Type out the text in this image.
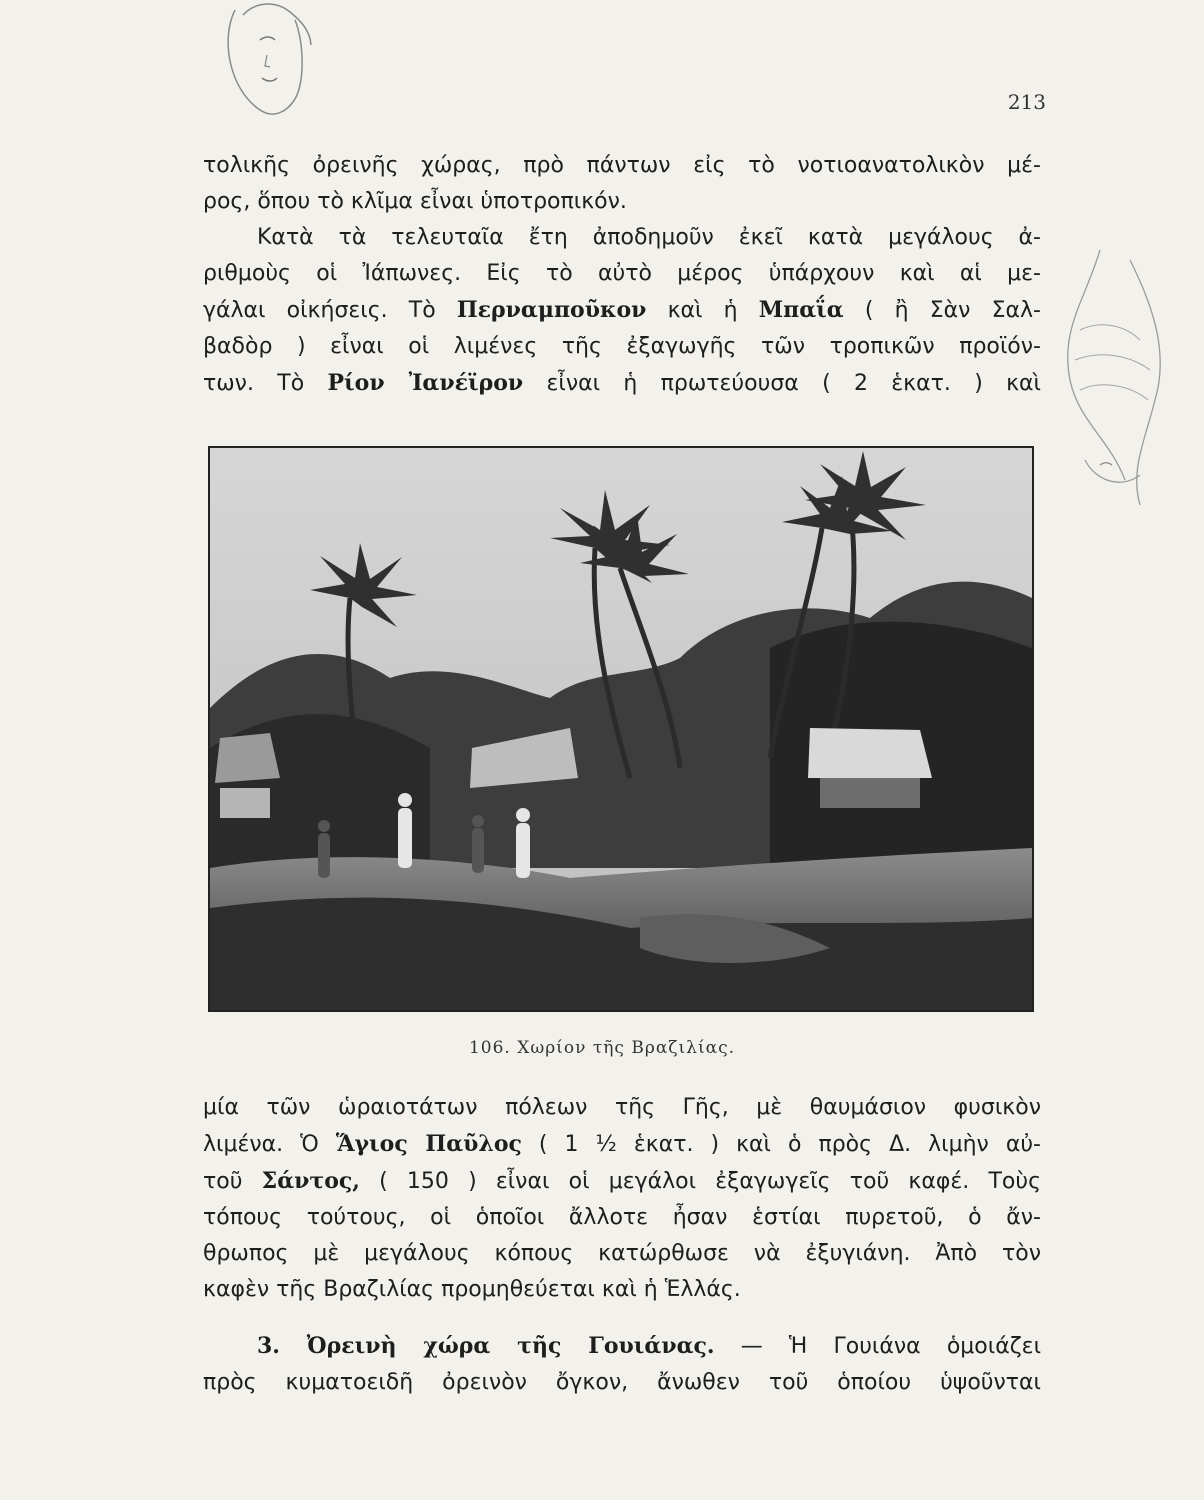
213
τολικῆς ὀρεινῆς χώρας, πρὸ πάντων εἰς τὸ νοτιοανατολικὸν μέ-
ρος, ὅπου τὸ κλῖμα εἶναι ὑποτροπικόν.
Κατὰ τὰ τελευταῖα ἔτη ἀποδημοῦν ἐκεῖ κατὰ μεγάλους ἀ-
ριθμοὺς οἱ Ἰάπωνες. Εἰς τὸ αὐτὸ μέρος ὑπάρχουν καὶ αἱ με-
γάλαι οἰκήσεις. Τὸ Περναμποῦκον καὶ ἡ Μπαΐα ( ἢ Σὰν Σαλ-
βαδὸρ ) εἶναι οἱ λιμένες τῆς ἐξαγωγῆς τῶν τροπικῶν προϊόν-
των. Τὸ Ρίον Ἰανέϊρον εἶναι ἡ πρωτεύουσα ( 2 ἑκατ. ) καὶ
106. Χωρίον τῆς Βραζιλίας.
μία τῶν ὡραιοτάτων πόλεων τῆς Γῆς, μὲ θαυμάσιον φυσικὸν
λιμένα. Ὁ Ἅγιος Παῦλος ( 1 ½ ἑκατ. ) καὶ ὁ πρὸς Δ. λιμὴν αὐ-
τοῦ Σάντος, ( 150 ) εἶναι οἱ μεγάλοι ἐξαγωγεῖς τοῦ καφέ. Τοὺς
τόπους τούτους, οἱ ὁποῖοι ἄλλοτε ἦσαν ἑστίαι πυρετοῦ, ὁ ἄν-
θρωπος μὲ μεγάλους κόπους κατώρθωσε νὰ ἐξυγιάνη. Ἀπὸ τὸν
καφὲν τῆς Βραζιλίας προμηθεύεται καὶ ἡ Ἑλλάς.
3. Ὀρεινὴ χώρα τῆς Γουιάνας. — Ἡ Γουιάνα ὁμοιάζει
πρὸς κυματοειδῆ ὀρεινὸν ὄγκον, ἄνωθεν τοῦ ὁποίου ὑψοῦνται
